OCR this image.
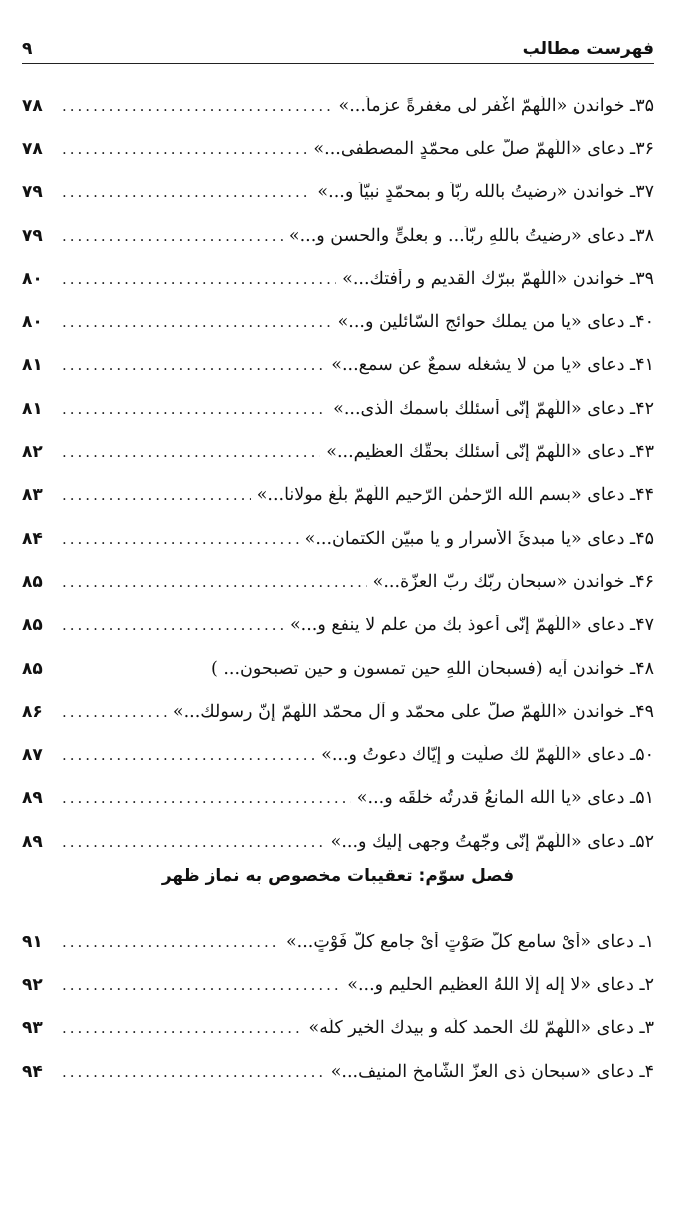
فهرست مطالب
۹
۳۵ـ خواندن «اللّهمّ اغْفر لی مغفرةً عزماً...»
.....
۷۸
۳۶ـ دعای «اللّهمّ صلّ علی محمّدٍ المصطفی...»
.....
۷۸
۳۷ـ خواندن «رضیتُ بالله ربّاً و بمحمّدٍ نبیّاً و...»
.....
۷۹
۳۸ـ دعای «رضیتُ باللهِ ربّاً... و بعلیٍّ والحسنِ و...»
.....
۷۹
۳۹ـ خواندن «اللّهمّ ببرّك القدیم و رأفتك...»
.....
۸۰
۴۰ـ دعای «یا من یملك حوائج السّائلین و...»
.....
۸۰
۴۱ـ دعای «یا من لا یشغله سمعٌ عن سمعٍ...»
.....
۸۱
۴۲ـ دعای «اللّهمّ إنّی أسئلك باسمك الّذی...»
.....
۸۱
۴۳ـ دعای «اللّهمّ إنّی أسئلك بحقّك العظیم...»
.....
۸۲
۴۴ـ دعای «بسم الله الرّحمٰن الرّحیم اللّهمّ بلّغ مولانا...»
.....
۸۳
۴۵ـ دعای «یا مبدئَ الأسرار و یا مبیّن الکتمان...»
.....
۸۴
۴۶ـ خواندن «سبحان ربّك ربّ العزّة...»
.....
۸۵
۴۷ـ دعای «اللّهمّ إنّی أعوذ بك من علمٍ لا ینفع و...»
.....
۸۵
۴۸ـ خواندن آیه (فسبحان اللهِ حین تمسون و حین تصبحون... )
۸۵
۴۹ـ خواندن «اللّهمّ صلّ علی محمّد و آل محمّد اللّهمّ إنّ رسولك...»
.....
۸۶
۵۰ـ دعای «اللّهمّ لك صلّیت و إیّاك دعوتُ و...»
.....
۸۷
۵۱ـ دعای «یا الله المانعُ قدرتُه خلقَه و...»
.....
۸۹
۵۲ـ دعای «اللّهمّ إنّی وجّهتُ وجهی إلیك و...»
.....
۸۹
فصل سوّم: تعقیبات مخصوص به نماز ظهر
۱ـ دعای «أیْ سامع کلّ صَوْتٍ أیْ جامع کلّ فَوْتٍ...»
.....
۹۱
۲ـ دعای «لا إله إلّا اللهُ العظیم الحلیم و...»
.....
۹۲
۳ـ دعای «اللّهمّ لك الحمد کلّه و بیدك الخیر کلّه»
.....
۹۳
۴ـ دعای «سبحان ذی العزّ الشّامخ المنیف...»
.....
۹۴
